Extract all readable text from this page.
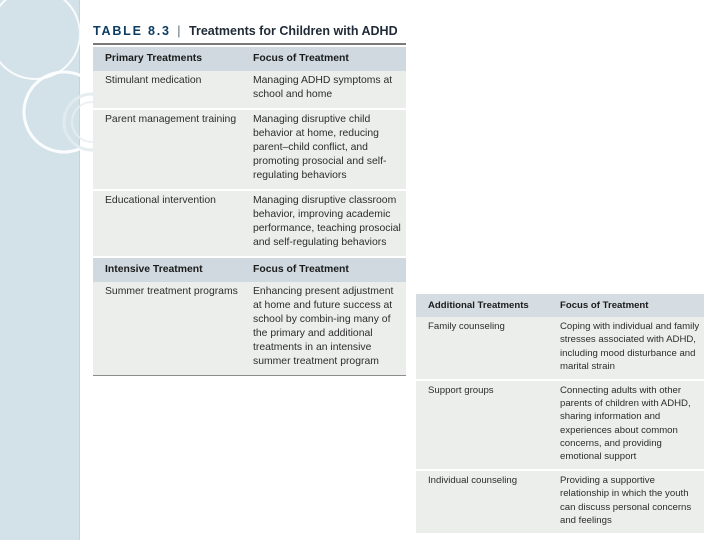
TABLE 8.3 | Treatments for Children with ADHD
Primary Treatments	Focus of Treatment
Stimulant medication	Managing ADHD symptoms at school and home
Parent management training	Managing disruptive child behavior at home, reducing parent–child conflict, and promoting prosocial and self-regulating behaviors
Educational intervention	Managing disruptive classroom behavior, improving academic performance, teaching prosocial and self-regulating behaviors
Intensive Treatment	Focus of Treatment
Summer treatment programs	Enhancing present adjustment at home and future success at school by combin-ing many of the primary and additional treatments in an intensive summer treatment program
Additional Treatments	Focus of Treatment
Family counseling	Coping with individual and family stresses associated with ADHD, including mood disturbance and marital strain
Support groups	Connecting adults with other parents of children with ADHD, sharing information and experiences about common concerns, and providing emotional support
Individual counseling	Providing a supportive relationship in which the youth can discuss personal concerns and feelings
